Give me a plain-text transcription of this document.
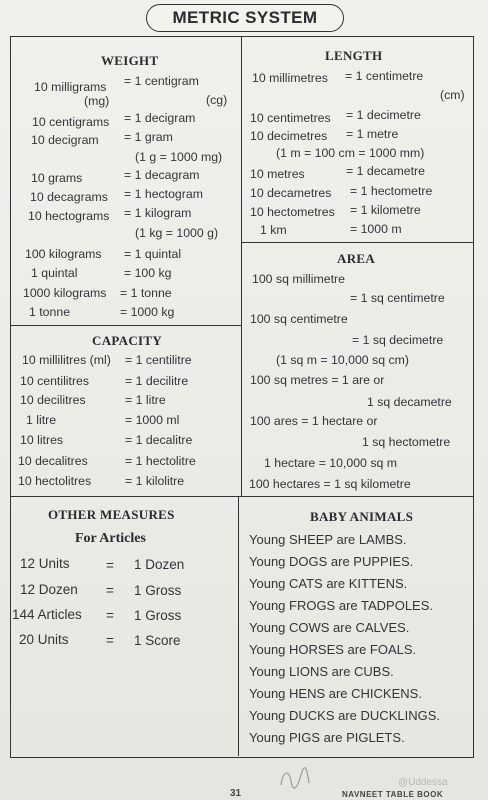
METRIC SYSTEM
WEIGHT
10 milligrams = 1 centigram
(mg)	(cg)
10 centigrams = 1 decigram
10 decigram = 1 gram
(1 g = 1000 mg)
10 grams	= 1 decagram
10 decagrams = 1 hectogram
10 hectograms = 1 kilogram
(1 kg = 1000 g)
100 kilograms = 1 quintal
1 quintal	= 100 kg
1000 kilograms = 1 tonne
1 tonne	= 1000 kg
LENGTH
10 millimetres = 1 centimetre
(cm)
10 centimetres = 1 decimetre
10 decimetres = 1 metre
(1 m = 100 cm = 1000 mm)
10 metres	= 1 decametre
10 decametres = 1 hectometre
10 hectometres = 1 kilometre
1 km	= 1000 m
AREA
100 sq millimetre
= 1 sq centimetre
100 sq centimetre
= 1 sq decimetre
(1 sq m = 10,000 sq cm)
100 sq metres = 1 are or
1 sq decametre
100 ares = 1 hectare or
1 sq hectometre
1 hectare = 10,000 sq m
100 hectares = 1 sq kilometre
CAPACITY
10 millilitres (ml) = 1 centilitre
10 centilitres	= 1 decilitre
10 decilitres	= 1 litre
1 litre	= 1000 ml
10 litres	= 1 decalitre
10 decalitres	= 1 hectolitre
10 hectolitres	= 1 kilolitre
OTHER MEASURES
For Articles
12 Units	= 1 Dozen
12 Dozen = 1 Gross
144 Articles = 1 Gross
20 Units	= 1 Score
BABY ANIMALS
Young SHEEP are LAMBS.
Young DOGS are PUPPIES.
Young CATS are KITTENS.
Young FROGS are TADPOLES.
Young COWS are CALVES.
Young HORSES are FOALS.
Young LIONS are CUBS.
Young HENS are CHICKENS.
Young DUCKS are DUCKLINGS.
Young PIGS are PIGLETS.
31	NAVNEET TABLE BOOK
@Uddessa
